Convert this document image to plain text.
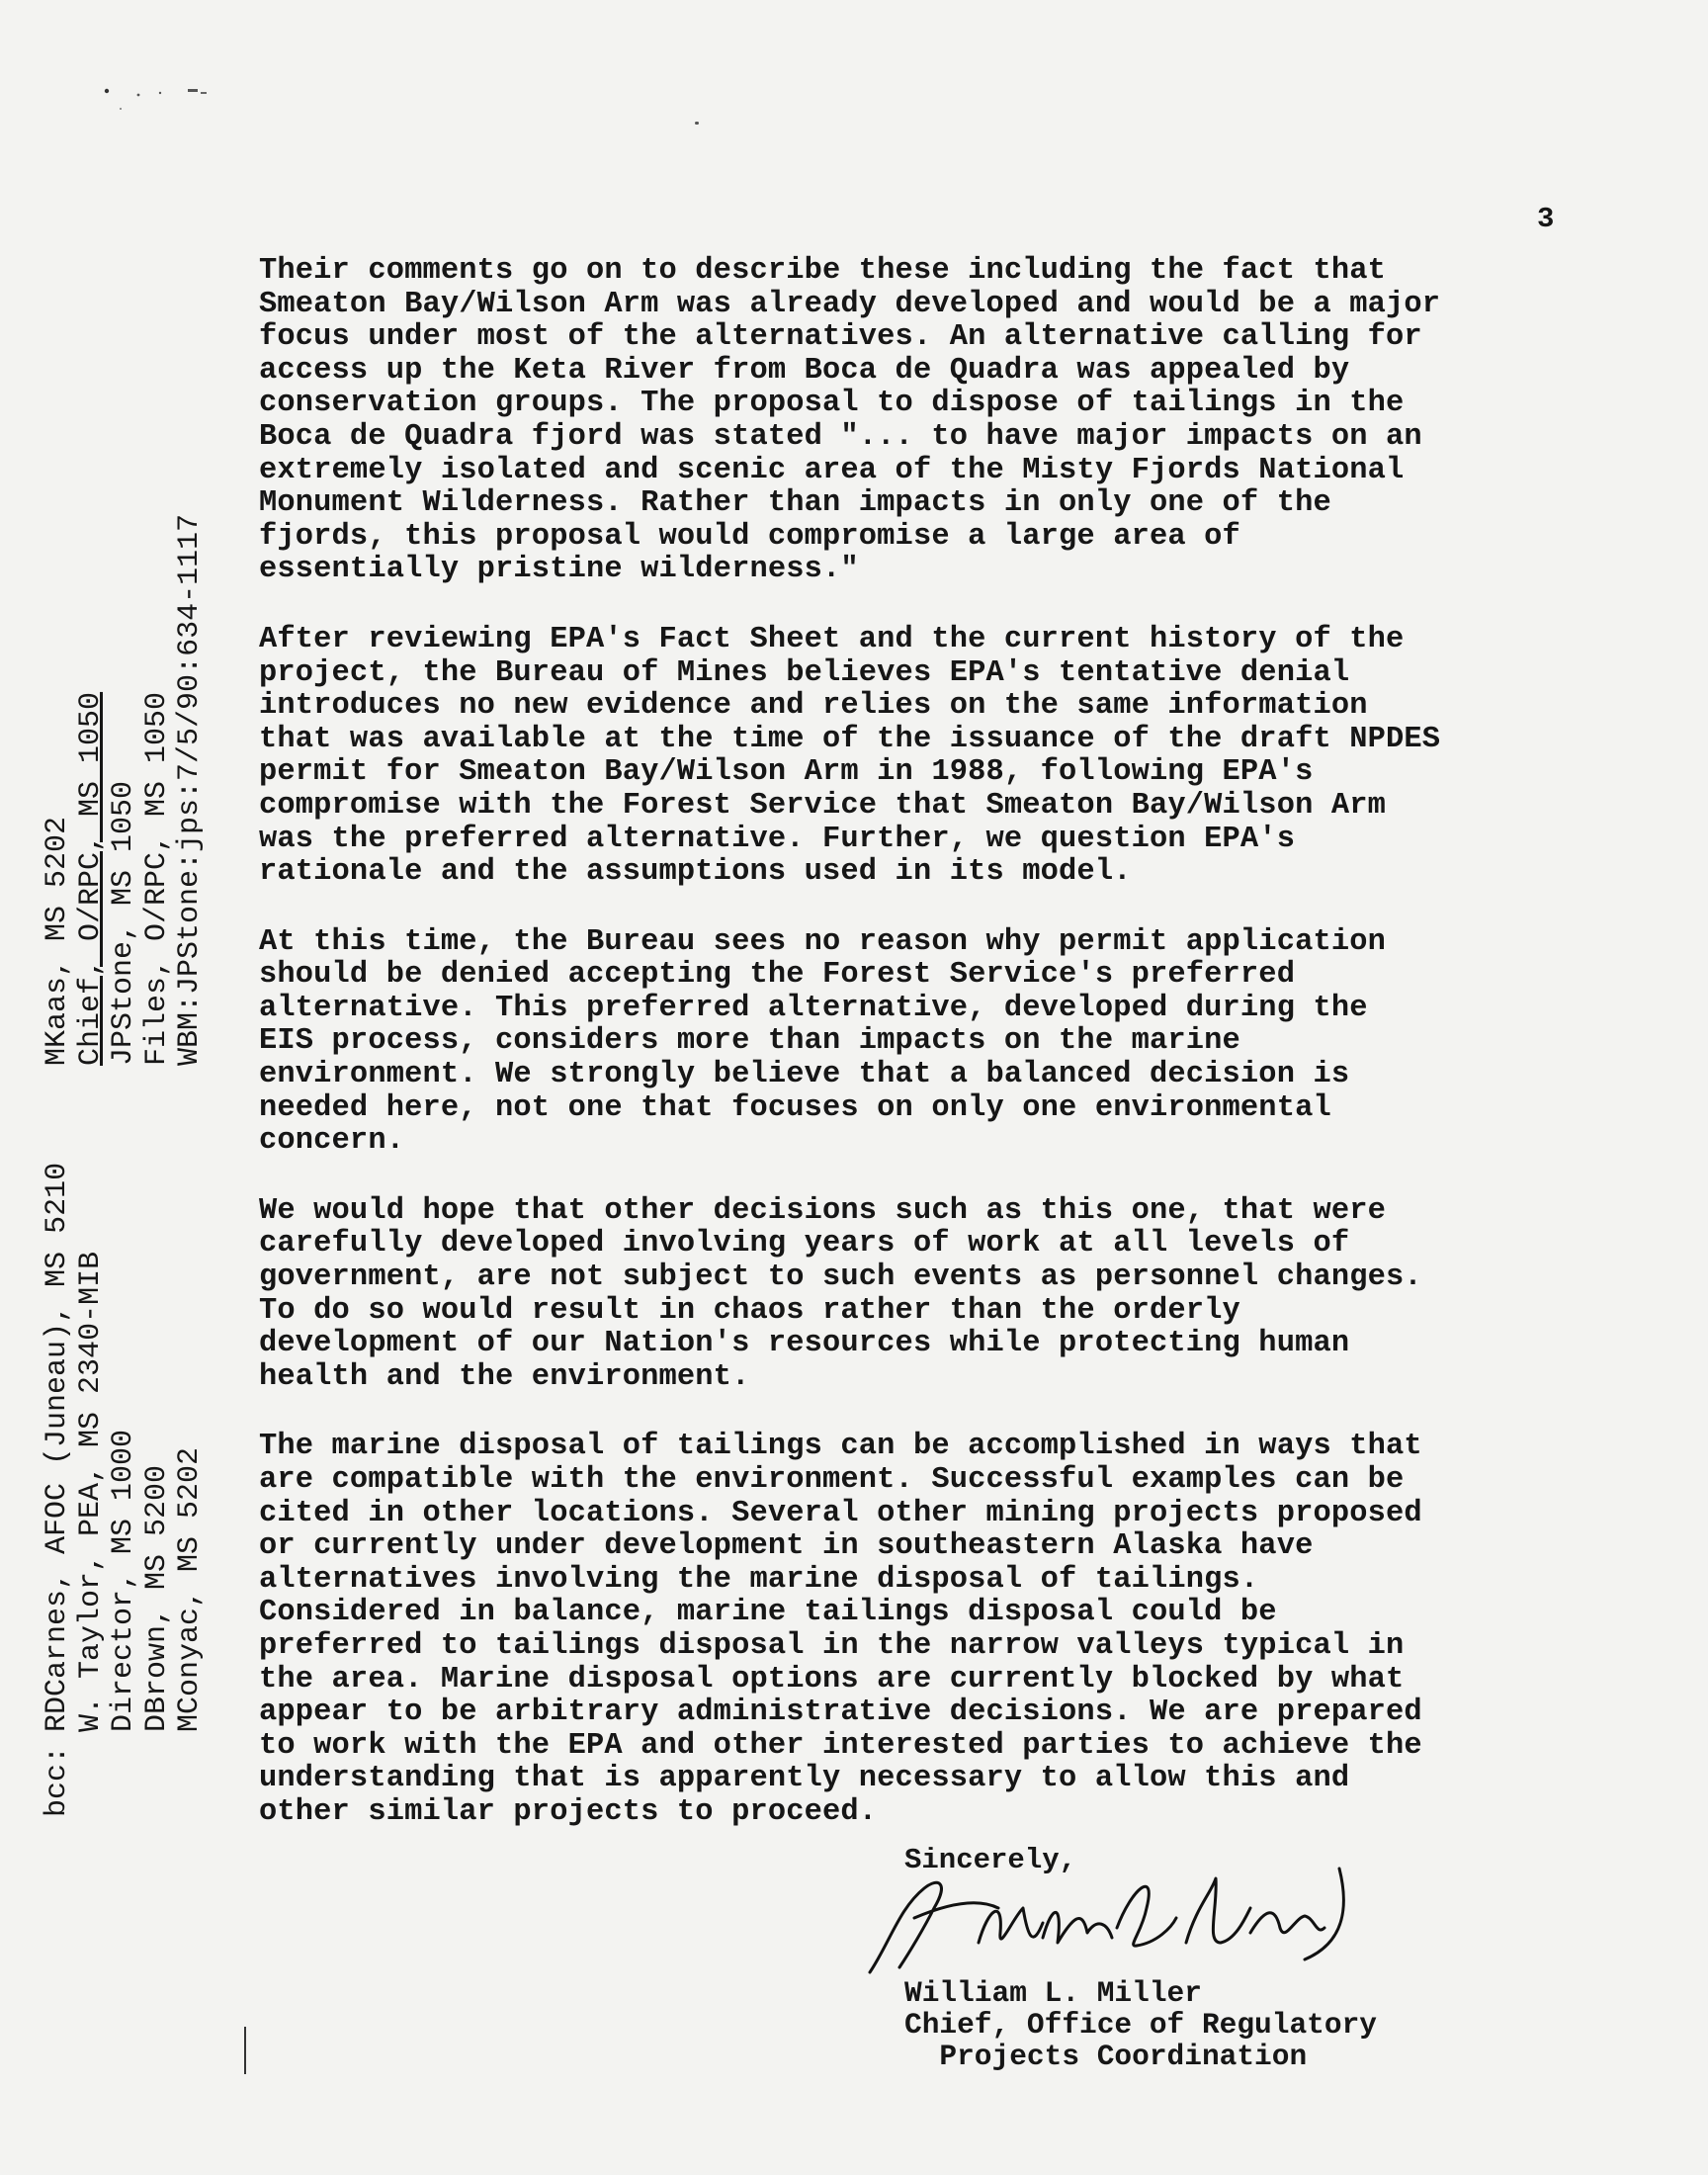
3

Their comments go on to describe these including the fact that
Smeaton Bay/Wilson Arm was already developed and would be a major
focus under most of the alternatives. An alternative calling for
access up the Keta River from Boca de Quadra was appealed by
conservation groups. The proposal to dispose of tailings in the
Boca de Quadra fjord was stated "... to have major impacts on an
extremely isolated and scenic area of the Misty Fjords National
Monument Wilderness. Rather than impacts in only one of the
fjords, this proposal would compromise a large area of
essentially pristine wilderness."

After reviewing EPA's Fact Sheet and the current history of the
project, the Bureau of Mines believes EPA's tentative denial
introduces no new evidence and relies on the same information
that was available at the time of the issuance of the draft NPDES
permit for Smeaton Bay/Wilson Arm in 1988, following EPA's
compromise with the Forest Service that Smeaton Bay/Wilson Arm
was the preferred alternative. Further, we question EPA's
rationale and the assumptions used in its model.

At this time, the Bureau sees no reason why permit application
should be denied accepting the Forest Service's preferred
alternative. This preferred alternative, developed during the
EIS process, considers more than impacts on the marine
environment. We strongly believe that a balanced decision is
needed here, not one that focuses on only one environmental
concern.

We would hope that other decisions such as this one, that were
carefully developed involving years of work at all levels of
government, are not subject to such events as personnel changes.
To do so would result in chaos rather than the orderly
development of our Nation's resources while protecting human
health and the environment.

The marine disposal of tailings can be accomplished in ways that
are compatible with the environment. Successful examples can be
cited in other locations. Several other mining projects proposed
or currently under development in southeastern Alaska have
alternatives involving the marine disposal of tailings.
Considered in balance, marine tailings disposal could be
preferred to tailings disposal in the narrow valleys typical in
the area. Marine disposal options are currently blocked by what
appear to be arbitrary administrative decisions. We are prepared
to work with the EPA and other interested parties to achieve the
understanding that is apparently necessary to allow this and
other similar projects to proceed.

bcc:
RDCarnes, AFOC (Juneau), MS 5210 W. Taylor, PEA, MS 2340-MIB Director, MS 1000 DBrown, MS 5200 MConyac, MS 5202
MKaas, MS 5202 Chief, O/RPC, MS 1050 JPStone, MS 1050 Files, O/RPC, MS 1050 WBM:JPStone:jps:7/5/90:634-1117
Sincerely,
William L. Miller
Chief, Office of Regulatory
Projects Coordination
